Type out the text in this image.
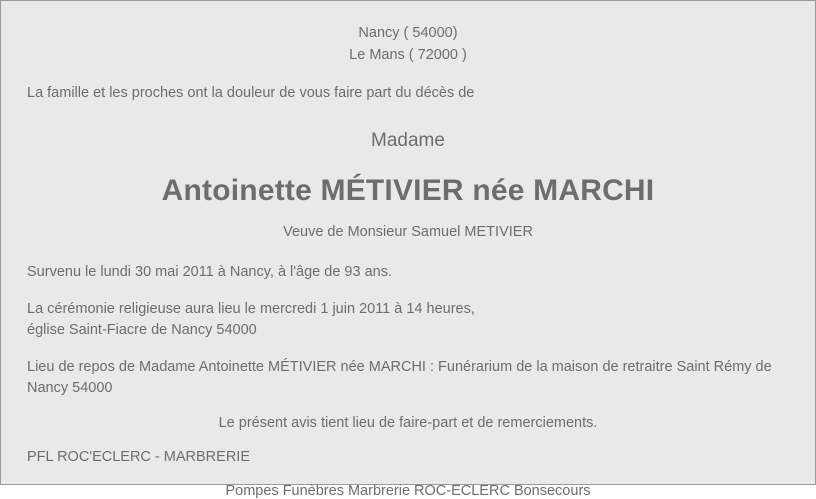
Nancy ( 54000)
Le Mans ( 72000 )
La famille et les proches ont la douleur de vous faire part du décès de
Madame
Antoinette MÉTIVIER née MARCHI
Veuve de Monsieur Samuel METIVIER
Survenu le lundi 30 mai 2011 à Nancy, à l'âge de 93 ans.
La cérémonie religieuse aura lieu le mercredi 1 juin 2011 à 14 heures,
église Saint-Fiacre de Nancy 54000
Lieu de repos de Madame Antoinette MÉTIVIER née MARCHI : Funérarium de la maison de retraitre Saint Rémy de Nancy 54000
Le présent avis tient lieu de faire-part et de remerciements.
PFL ROC'ECLERC - MARBRERIE
Pompes Funèbres Marbrerie ROC-ECLERC Bonsecours
